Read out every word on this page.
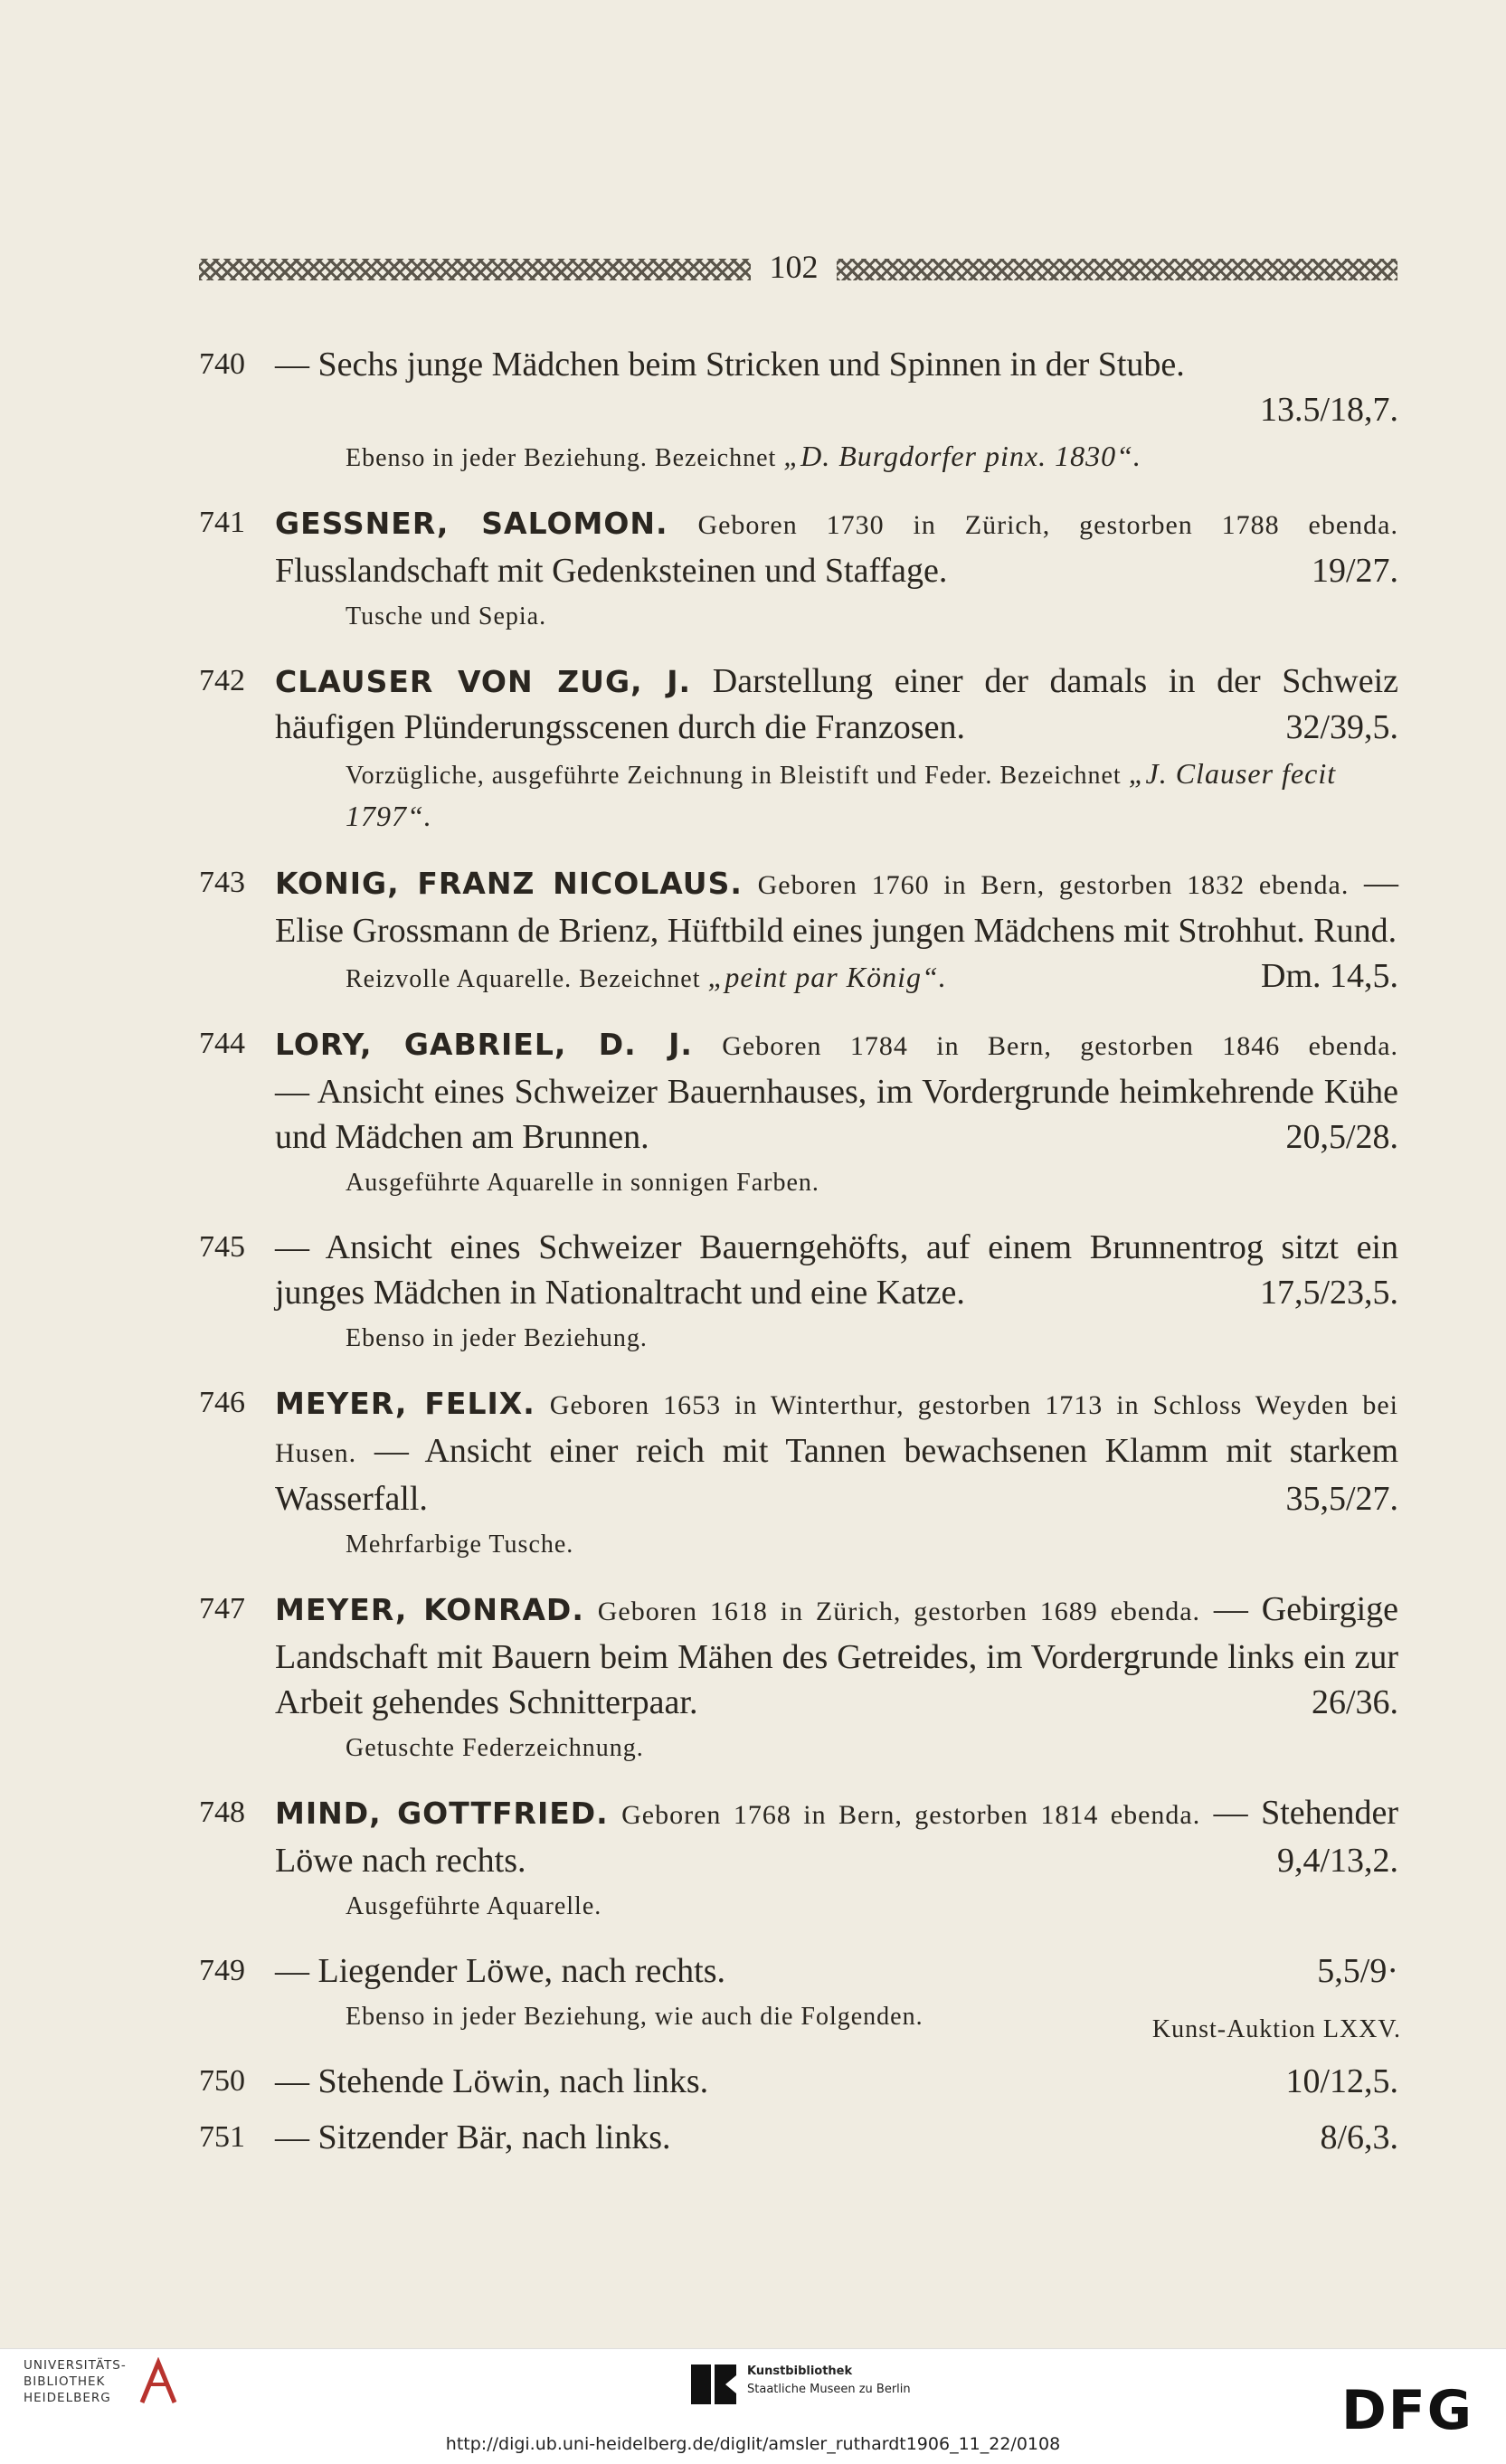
102
740 — Sechs junge Mädchen beim Stricken und Spinnen in der Stube.
13.5/18,7.
Ebenso in jeder Beziehung. Bezeichnet „D. Burgdorfer pinx. 1830“.
741 GESSNER, SALOMON. Geboren 1730 in Zürich, gestorben 1788 ebenda.
Flusslandschaft mit Gedenksteinen und Staffage.	19/27.
Tusche und Sepia.
742 CLAUSER VON ZUG, J. Darstellung einer der damals in der Schweiz häufigen Plünderungsscenen durch die Franzosen.	32/39,5.
Vorzügliche, ausgeführte Zeichnung in Bleistift und Feder. Bezeichnet „J. Clauser fecit 1797“.
743 KONIG, FRANZ NICOLAUS. Geboren 1760 in Bern, gestorben 1832 ebenda. — Elise Grossmann de Brienz, Hüftbild eines jungen Mädchens mit Strohhut. Rund.
Dm. 14,5.
Reizvolle Aquarelle. Bezeichnet „peint par König“.
744 LORY, GABRIEL, D. J. Geboren 1784 in Bern, gestorben 1846 ebenda.
— Ansicht eines Schweizer Bauernhauses, im Vordergrunde heimkehrende Kühe und Mädchen am Brunnen.	20,5/28.
Ausgeführte Aquarelle in sonnigen Farben.
745 — Ansicht eines Schweizer Bauerngehöfts, auf einem Brunnentrog sitzt ein junges Mädchen in Nationaltracht und eine Katze.	17,5/23,5.
Ebenso in jeder Beziehung.
746 MEYER, FELIX. Geboren 1653 in Winterthur, gestorben 1713 in Schloss Weyden bei Husen. — Ansicht einer reich mit Tannen bewachsenen Klamm mit starkem Wasserfall.	35,5/27.
Mehrfarbige Tusche.
747 MEYER, KONRAD. Geboren 1618 in Zürich, gestorben 1689 ebenda. — Gebirgige Landschaft mit Bauern beim Mähen des Getreides, im Vordergrunde links ein zur Arbeit gehendes Schnitterpaar.	26/36.
Getuschte Federzeichnung.
748 MIND, GOTTFRIED. Geboren 1768 in Bern, gestorben 1814 ebenda. — Stehender Löwe nach rechts.	9,4/13,2.
Ausgeführte Aquarelle.
749 — Liegender Löwe, nach rechts.	5,5/9·
Ebenso in jeder Beziehung, wie auch die Folgenden.
750 — Stehende Löwin, nach links.	10/12,5.
751 — Sitzender Bär, nach links.	8/6,3.
Kunst-Auktion LXXV.
UNIVERSITÄTS-
BIBLIOTHEK
HEIDELBERG
Kunstbibliothek
Staatliche Museen zu Berlin	DFG
http://digi.ub.uni-heidelberg.de/diglit/amsler_ruthardt1906_11_22/0108
